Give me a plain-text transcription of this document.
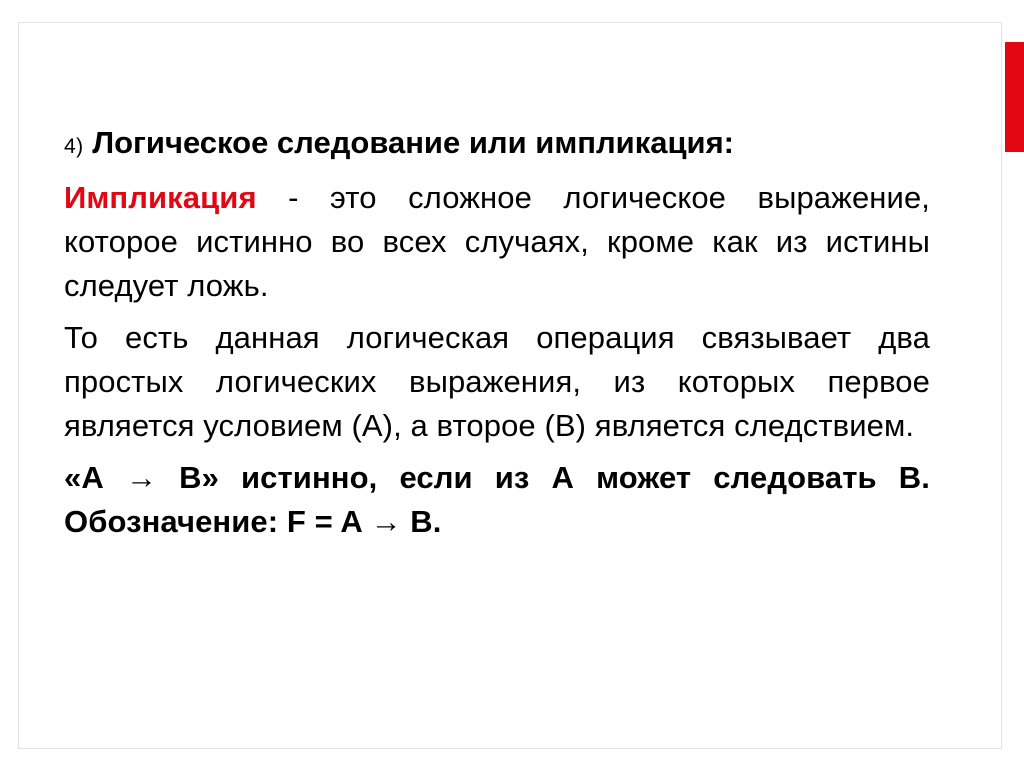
4) Логическое следование или импликация:

Импликация - это сложное логическое выражение, которое истинно во всех случаях, кроме как из истины следует ложь.

То есть данная логическая операция связывает два простых логических выражения, из которых первое является условием (А), а второе (В) является следствием.

«А → В» истинно, если из А может следовать В. Обозначение: F = A → B.
